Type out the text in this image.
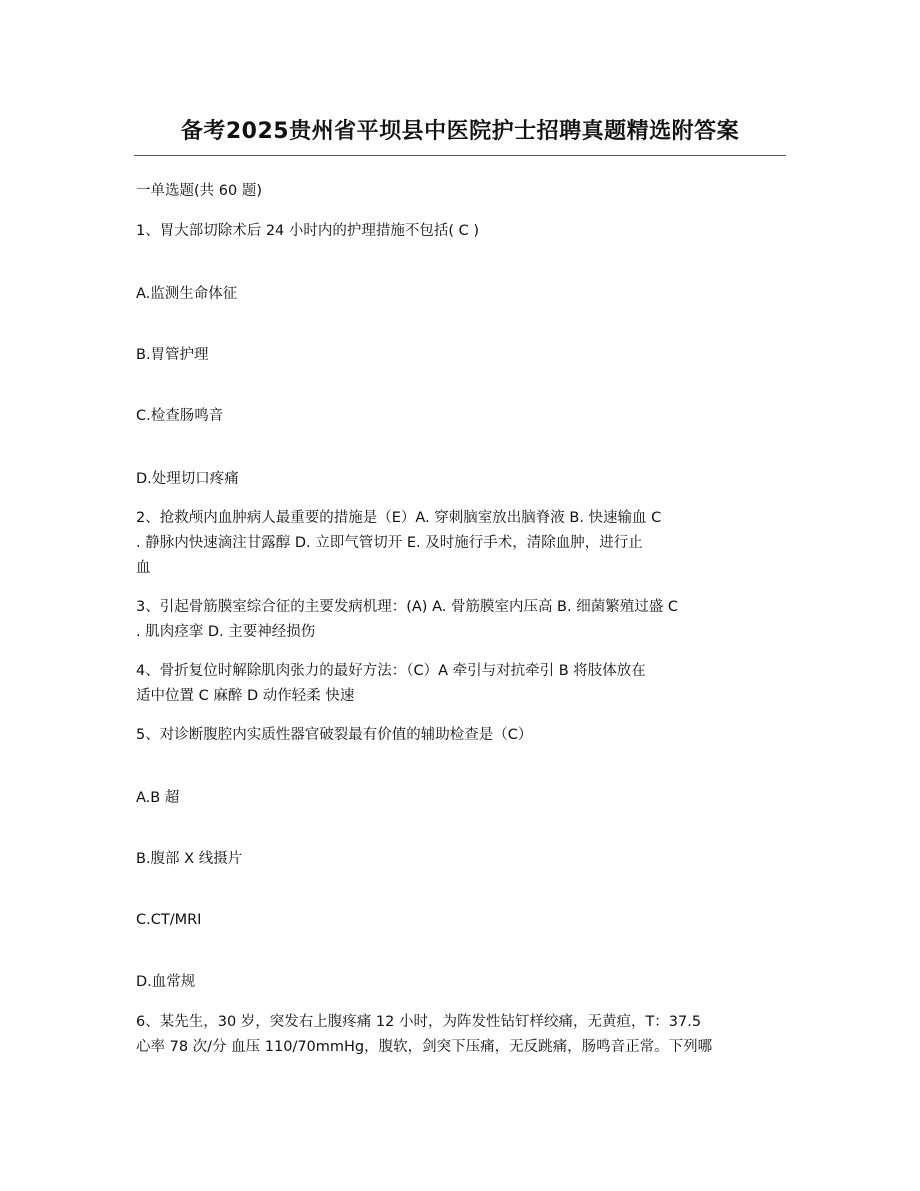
备考2025贵州省平坝县中医院护士招聘真题精选附答案
一单选题(共 60 题)
1、胃大部切除术后 24 小时内的护理措施不包括( C )
A.监测生命体征
B.胃管护理
C.检查肠鸣音
D.处理切口疼痛
2、抢救颅内血肿病人最重要的措施是（E）A. 穿刺脑室放出脑脊液 B. 快速输血 C
. 静脉内快速滴注甘露醇 D. 立即气管切开 E. 及时施行手术，清除血肿，进行止
血
3、引起骨筋膜室综合征的主要发病机理：(A) A. 骨筋膜室内压高 B. 细菌繁殖过盛 C
. 肌肉痉挛 D. 主要神经损伤
4、骨折复位时解除肌肉张力的最好方法：（C）A 牵引与对抗牵引 B 将肢体放在
适中位置 C 麻醉 D 动作轻柔 快速
5、对诊断腹腔内实质性器官破裂最有价值的辅助检查是（C）
A.B 超
B.腹部 X 线摄片
C.CT/MRI
D.血常规
6、某先生，30 岁，突发右上腹疼痛 12 小时，为阵发性钻钉样绞痛，无黄疸，T：37.5
心率 78 次/分 血压 110/70mmHg，腹软，剑突下压痛，无反跳痛，肠鸣音正常。下列哪
